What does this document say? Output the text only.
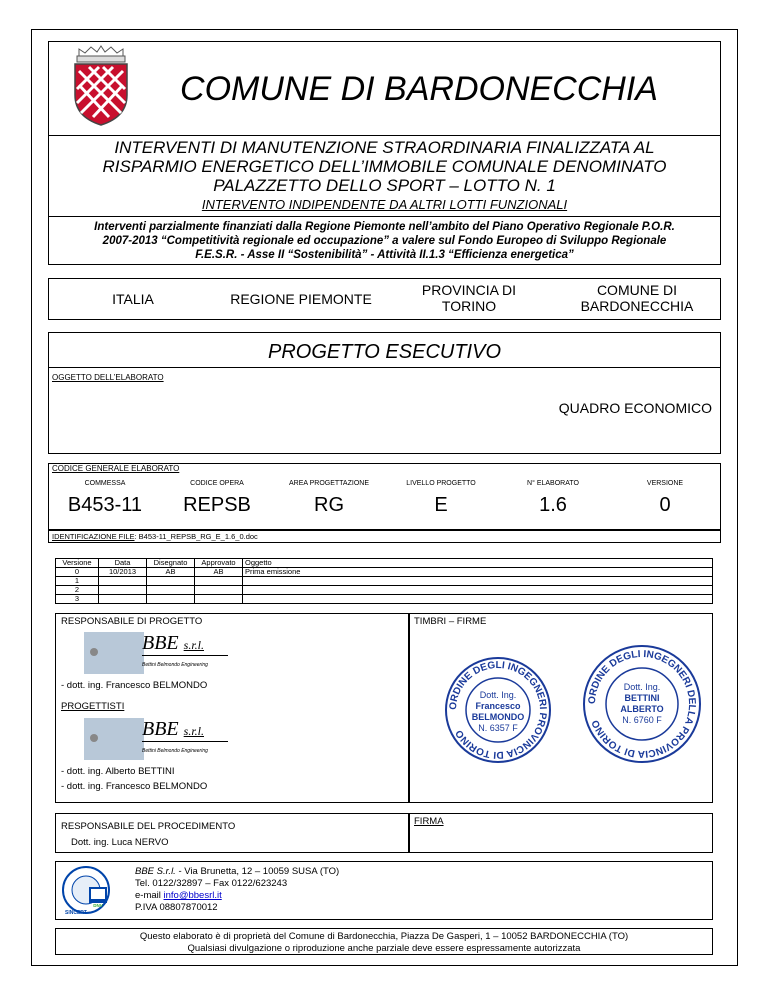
COMUNE DI BARDONECCHIA
INTERVENTI DI MANUTENZIONE STRAORDINARIA FINALIZZATA AL
RISPARMIO ENERGETICO DELL’IMMOBILE COMUNALE DENOMINATO
PALAZZETTO DELLO SPORT – LOTTO N. 1
INTERVENTO INDIPENDENTE DA ALTRI LOTTI FUNZIONALI
Interventi parzialmente finanziati dalla Regione Piemonte nell’ambito del Piano Operativo Regionale P.O.R.
2007-2013 “Competitività regionale ed occupazione” a valere sul Fondo Europeo di Sviluppo Regionale
F.E.S.R. - Asse II “Sostenibilità” - Attività II.1.3 “Efficienza energetica”
ITALIA	REGIONE PIEMONTE
PROVINCIA DI
TORINO
COMUNE DI
BARDONECCHIA
PROGETTO ESECUTIVO
OGGETTO DELL’ELABORATO
QUADRO ECONOMICO
CODICE GENERALE ELABORATO
COMMESSA	CODICE OPERA	AREA PROGETTAZIONE	LIVELLO PROGETTO	N° ELABORATO	VERSIONE
B453-11	REPSB	RG	E	1.6	0
IDENTIFICAZIONE FILE: B453-11_REPSB_RG_E_1.6_0.doc
Versione	Data	Disegnato	Approvato	Oggetto
0	10/2013	AB	AB	Prima emissione
1				
2				
3				
RESPONSABILE DI PROGETTO
BBE s.r.l.
Bettini Belmondo Engineering
- dott. ing. Francesco BELMONDO
PROGETTISTI
BBE s.r.l.
Bettini Belmondo Engineering
- dott. ing. Alberto BETTINI
- dott. ing. Francesco BELMONDO
TIMBRI – FIRME
ORDINE DEGLI INGEGNERI PROVINCIA DI TORINO
Dott. Ing.
Francesco
BELMONDO
N. 6357 F
ORDINE DEGLI INGEGNERI DELLA PROVINCIA DI TORINO
Dott. Ing.
BETTINI
ALBERTO
N. 6760 F
RESPONSABILE DEL PROCEDIMENTO
Dott. ing. Luca NERVO
FIRMA
DNV
SINCERT
BBE S.r.l. - Via Brunetta, 12 – 10059 SUSA (TO)
Tel. 0122/32897 – Fax 0122/623243
e-mail info@bbesrl.it
P.IVA 08807870012
Questo elaborato è di proprietà del Comune di Bardonecchia, Piazza De Gasperi, 1 – 10052 BARDONECCHIA (TO)
Qualsiasi divulgazione o riproduzione anche parziale deve essere espressamente autorizzata
